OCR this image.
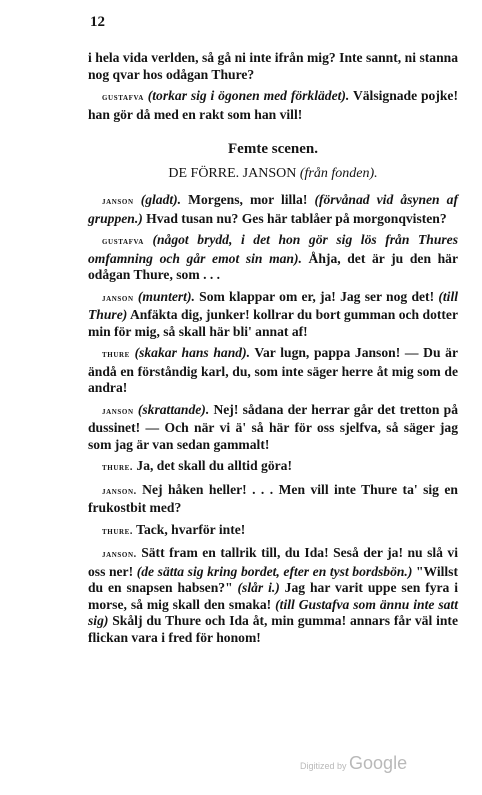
12

i hela vida verlden, så gå ni inte ifrån mig? Inte sannt, ni stanna nog qvar hos odågan Thure?

gustafva (torkar sig i ögonen med förklädet). Välsignade pojke! han gör då med en rakt som han vill!

Femte scenen.
DE FÖRRE. JANSON (från fonden).

janson (gladt). Morgens, mor lilla! (förvånad vid åsynen af gruppen.) Hvad tusan nu? Ges här tablåer på morgonqvisten?

gustafva (något brydd, i det hon gör sig lös från Thures omfamning och går emot sin man). Åhja, det är ju den här odågan Thure, som . . .

janson (muntert). Som klappar om er, ja! Jag ser nog det! (till Thure) Anfäkta dig, junker! kollrar du bort gumman och dotter min för mig, så skall här bli' annat af!

thure (skakar hans hand). Var lugn, pappa Janson! — Du är ändå en förståndig karl, du, som inte säger herre åt mig som de andra!

janson (skrattande). Nej! sådana der herrar går det tretton på dussinet! — Och när vi ä' så här för oss sjelfva, så säger jag som jag är van sedan gammalt!

thure. Ja, det skall du alltid göra!

janson. Nej håken heller! . . . Men vill inte Thure ta' sig en frukostbit med?

thure. Tack, hvarför inte!

janson. Sätt fram en tallrik till, du Ida! Seså der ja! nu slå vi oss ner! (de sätta sig kring bordet, efter en tyst bordsbön.) "Willst du en snapsen habsen?" (slår i.) Jag har varit uppe sen fyra i morse, så mig skall den smaka! (till Gustafva som ännu inte satt sig) Skålj du Thure och Ida åt, min gumma! annars får väl inte flickan vara i fred för honom!

Digitized by Google
